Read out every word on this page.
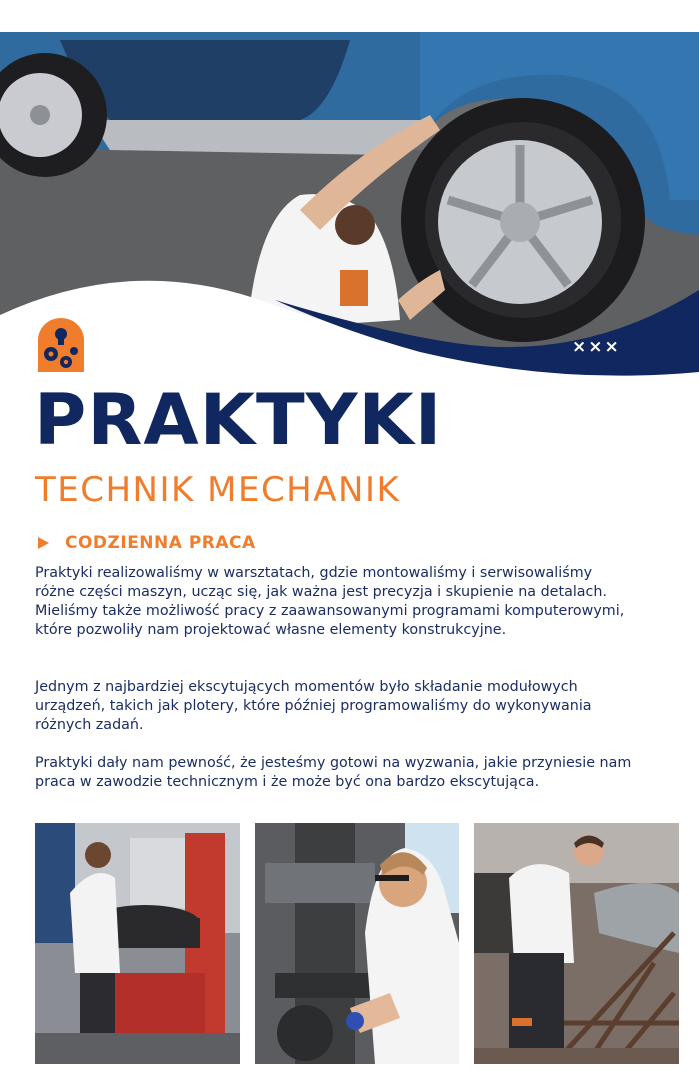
×××
PRAKTYKI
TECHNIK MECHANIK
CODZIENNA PRACA

Praktyki realizowaliśmy w warsztatach, gdzie montowaliśmy i serwisowaliśmy różne części maszyn, ucząc się, jak ważna jest precyzja i skupienie na detalach. Mieliśmy także możliwość pracy z zaawansowanymi programami komputerowymi, które pozwoliły nam projektować własne elementy konstrukcyjne.

Jednym z najbardziej ekscytujących momentów było składanie modułowych urządzeń, takich jak plotery, które później programowaliśmy do wykonywania różnych zadań.

Praktyki dały nam pewność, że jesteśmy gotowi na wyzwania, jakie przyniesie nam praca w zawodzie technicznym i że może być ona bardzo ekscytująca.
